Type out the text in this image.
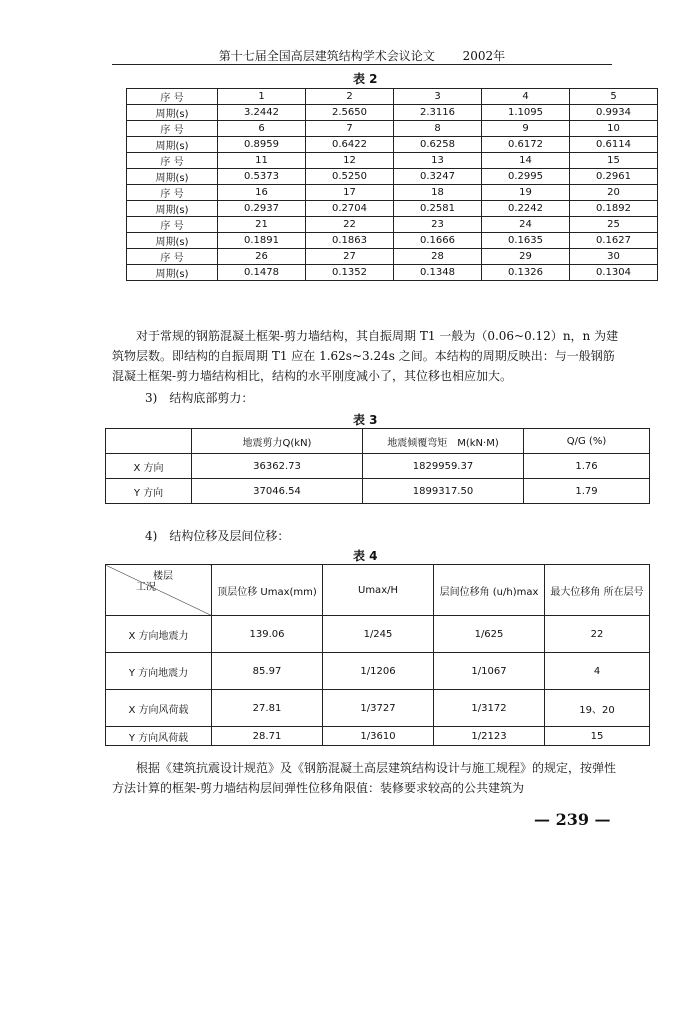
第十七届全国高层建筑结构学术会议论文 2002年
表 2
序 号	1	2	3	4	5
周期(s)	3.2442	2.5650	2.3116	1.1095	0.9934
序 号	6	7	8	9	10
周期(s)	0.8959	0.6422	0.6258	0.6172	0.6114
序 号	11	12	13	14	15
周期(s)	0.5373	0.5250	0.3247	0.2995	0.2961
序 号	16	17	18	19	20
周期(s)	0.2937	0.2704	0.2581	0.2242	0.1892
序 号	21	22	23	24	25
周期(s)	0.1891	0.1863	0.1666	0.1635	0.1627
序 号	26	27	28	29	30
周期(s)	0.1478	0.1352	0.1348	0.1326	0.1304

对于常规的钢筋混凝土框架-剪力墙结构，其自振周期 T1 一般为（0.06~0.12）n，n 为建筑物层数。即结构的自振周期 T1 应在 1.62s~3.24s 之间。本结构的周期反映出：与一般钢筋混凝土框架-剪力墙结构相比，结构的水平刚度减小了，其位移也相应加大。

3)　结构底部剪力：

表 3
	地震剪力Q(kN)	地震倾覆弯矩　M(kN·M)	Q/G (%)
X 方向	36362.73	1829959.37	1.76
Y 方向	37046.54	1899317.50	1.79

4)　结构位移及层间位移：

表 4
楼层
工况	顶层位移 Umax(mm)	Umax/H	层间位移角 (u/h)max	最大位移角 所在层号
X 方向地震力	139.06	1/245	1/625	22
Y 方向地震力	85.97	1/1206	1/1067	4
X 方向风荷载	27.81	1/3727	1/3172	19、20
Y 方向风荷载	28.71	1/3610	1/2123	15

根据《建筑抗震设计规范》及《钢筋混凝土高层建筑结构设计与施工规程》的规定，按弹性方法计算的框架-剪力墙结构层间弹性位移角限值：装修要求较高的公共建筑为

— 239 —
